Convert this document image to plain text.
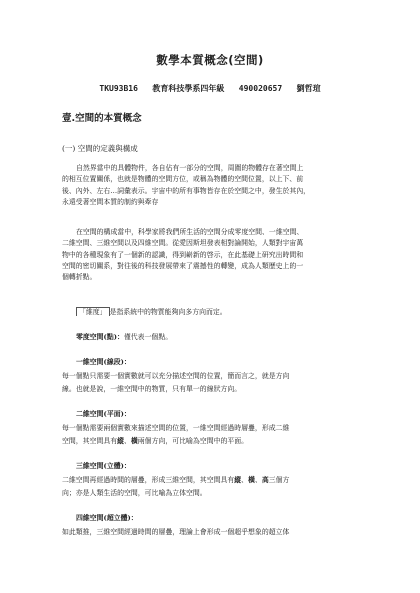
數學本質概念(空間)
TKU93B16   教育科技學系四年級   490020657   劉哲瑄
壹.空間的本質概念
(一) 空間的定義與構成
自然界當中的具體物件，各自佔有一部分的空間，周圍的物體存在著空間上
的相互位置關係，也就是物體的空間方位，或稱為物體的空間位置，以上下、前
後、內外、左右…詞彙表示。宇宙中的所有事物皆存在於空間之中，發生於其內，
永遠受著空間本質的制約與牽存
在空間的構成當中，科學家將我們所生活的空間分成零度空間、一維空間、
二維空間、三維空間以及四維空間。從愛因斯坦發表相對論開始，人類對宇宙萬
物中的各種現象有了一個新的認識，得到嶄新的啓示，在此基礎上研究出時間和
空間的密切關系，對往後的科技發展帶來了震撼性的轉變，成為人類歷史上的一
個轉折點。
「維度」 是指系統中的物質能夠向多方向而定。
零度空間(點)：僅代表一個點。
一維空間(線段)：
每一個點只需要一個實數就可以充分描述空間的位置，簡而言之，就是方向
線。也就是說，一維空間中的物質，只有單一的線狀方向。
二維空間(平面)：
每一個點需要兩個實數來描述空間的位置，一維空間經過時層疊，形成二維
空間，其空間具有縱、橫兩個方向，可比喻為空間中的平面。
三維空間(立體)：
二維空間再經過時間的層疊，形成三維空間，其空間具有縱、橫、高三個方
向；亦是人類生活的空間，可比喻為立体空間。
四維空間(超立體)：
如此類推，三維空間經過時間的層疊，理論上會形成一個超乎想象的超立体
